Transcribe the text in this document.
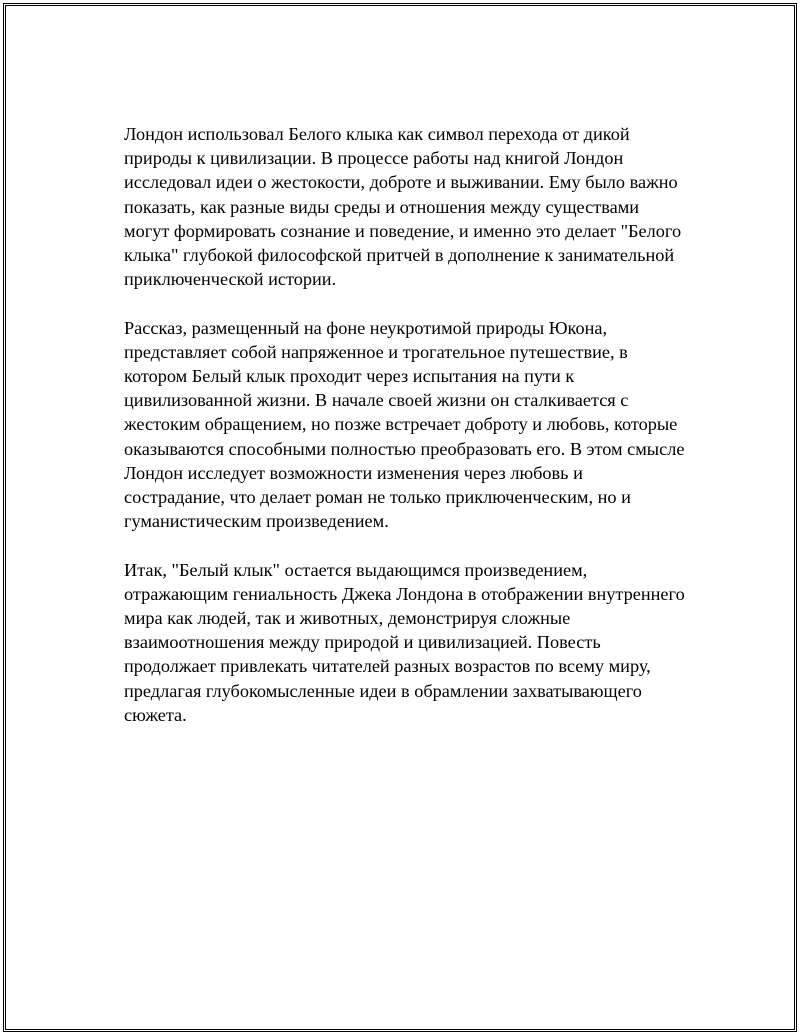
Лондон использовал Белого клыка как символ перехода от дикой
природы к цивилизации. В процессе работы над книгой Лондон
исследовал идеи о жестокости, доброте и выживании. Ему было важно
показать, как разные виды среды и отношения между существами
могут формировать сознание и поведение, и именно это делает "Белого
клыка" глубокой философской притчей в дополнение к занимательной
приключенческой истории.

Рассказ, размещенный на фоне неукротимой природы Юкона,
представляет собой напряженное и трогательное путешествие, в
котором Белый клык проходит через испытания на пути к
цивилизованной жизни. В начале своей жизни он сталкивается с
жестоким обращением, но позже встречает доброту и любовь, которые
оказываются способными полностью преобразовать его. В этом смысле
Лондон исследует возможности изменения через любовь и
сострадание, что делает роман не только приключенческим, но и
гуманистическим произведением.

Итак, "Белый клык" остается выдающимся произведением,
отражающим гениальность Джека Лондона в отображении внутреннего
мира как людей, так и животных, демонстрируя сложные
взаимоотношения между природой и цивилизацией. Повесть
продолжает привлекать читателей разных возрастов по всему миру,
предлагая глубокомысленные идеи в обрамлении захватывающего
сюжета.
